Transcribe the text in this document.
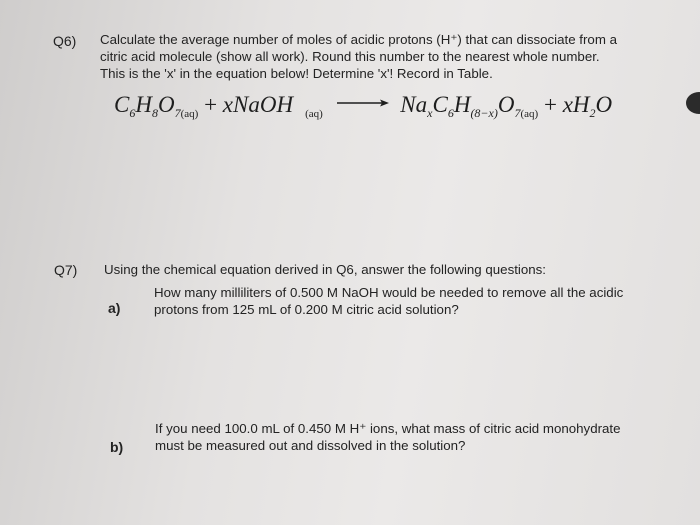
Q6) Calculate the average number of moles of acidic protons (H⁺) that can dissociate from a
citric acid molecule (show all work). Round this number to the nearest whole number.
This is the 'x' in the equation below! Determine 'x'! Record in Table.
$C_6H_8O_{7(aq)}$ + xNaOH $_{(aq)} \to Na_xC_6H_{(8-x)}O_{7(aq)} + xH_2O$
Q7) Using the chemical equation derived in Q6, answer the following questions:
a)
How many milliliters of 0.500 M NaOH would be needed to remove all the acidic
protons from 125 mL of 0.200 M citric acid solution?
b)
If you need 100.0 mL of 0.450 M H⁺ ions, what mass of citric acid monohydrate
must be measured out and dissolved in the solution?
